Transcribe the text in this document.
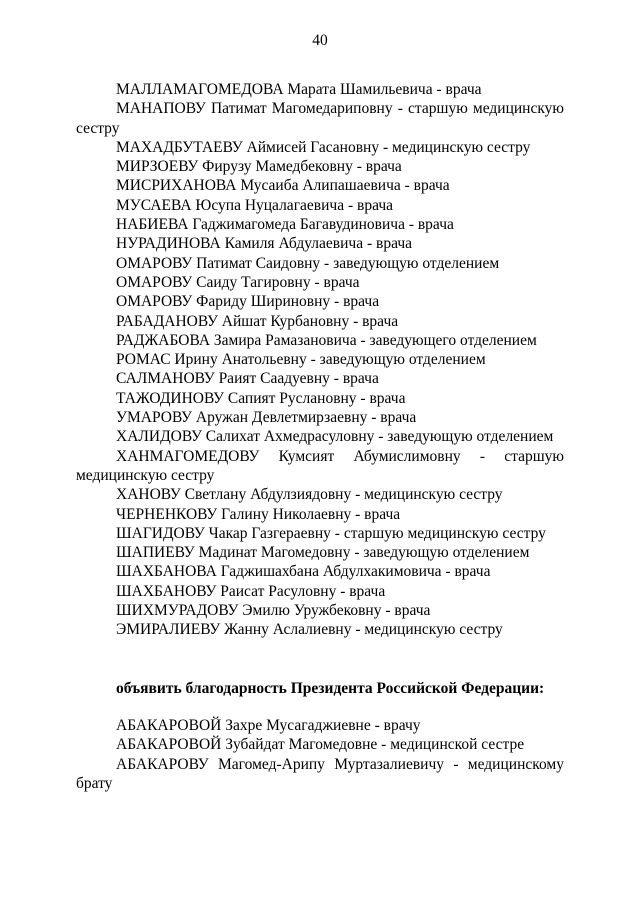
40
МАЛЛАМАГОМЕДОВА Марата Шамильевича - врача
МАНАПОВУ Патимат Магомедариповну - старшую медицинскую сестру
МАХАДБУТАЕВУ Аймисей Гасановну - медицинскую сестру
МИРЗОЕВУ Фирузу Мамедбековну - врача
МИСРИХАНОВА Мусаиба Алипашаевича - врача
МУСАЕВА Юсупа Нуцалагаевича - врача
НАБИЕВА Гаджимагомеда Багавудиновича - врача
НУРАДИНОВА Камиля Абдулаевича - врача
ОМАРОВУ Патимат Саидовну - заведующую отделением
ОМАРОВУ Саиду Тагировну - врача
ОМАРОВУ Фариду Шириновну - врача
РАБАДАНОВУ Айшат Курбановну - врача
РАДЖАБОВА Замира Рамазановича - заведующего отделением
РОМАС Ирину Анатольевну - заведующую отделением
САЛМАНОВУ Раият Саадуевну - врача
ТАЖОДИНОВУ Сапият Руслановну - врача
УМАРОВУ Аружан Девлетмирзаевну - врача
ХАЛИДОВУ Салихат Ахмедрасуловну - заведующую отделением
ХАНМАГОМЕДОВУ Кумсият Абумислимовну - старшую медицинскую сестру
ХАНОВУ Светлану Абдулзиядовну - медицинскую сестру
ЧЕРНЕНКОВУ Галину Николаевну - врача
ШАГИДОВУ Чакар Газгераевну - старшую медицинскую сестру
ШАПИЕВУ Мадинат Магомедовну - заведующую отделением
ШАХБАНОВА Гаджишахбана Абдулхакимовича - врача
ШАХБАНОВУ Раисат Расуловну - врача
ШИХМУРАДОВУ Эмилю Уружбековну - врача
ЭМИРАЛИЕВУ Жанну Аслалиевну - медицинскую сестру
объявить благодарность Президента Российской Федерации:
АБАКАРОВОЙ Захре Мусагаджиевне - врачу
АБАКАРОВОЙ Зубайдат Магомедовне - медицинской сестре
АБАКАРОВУ Магомед-Арипу Муртазалиевичу - медицинскому брату
